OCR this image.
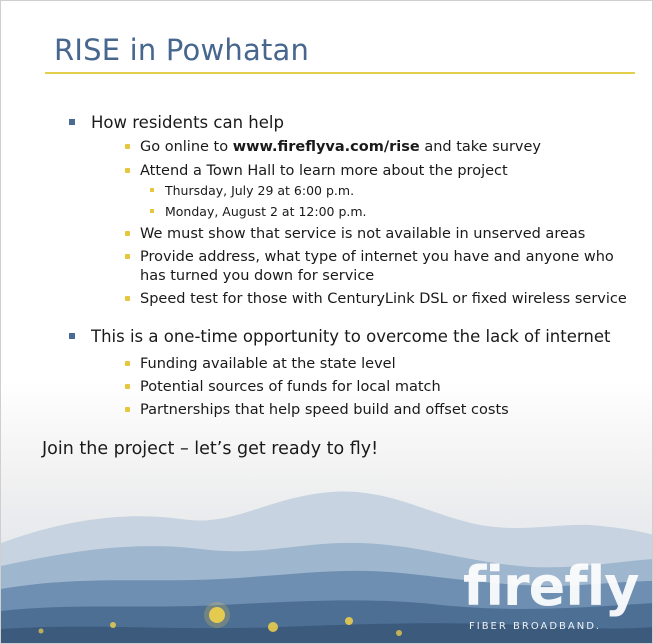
RISE in Powhatan
How residents can help
Go online to www.fireflyva.com/rise and take survey
Attend a Town Hall to learn more about the project
Thursday, July 29 at 6:00 p.m.
Monday, August 2 at 12:00 p.m.
We must show that service is not available in unserved areas
Provide address, what type of internet you have and anyone who
has turned you down for service
Speed test for those with CenturyLink DSL or fixed wireless service
This is a one-time opportunity to overcome the lack of internet
Funding available at the state level
Potential sources of funds for local match
Partnerships that help speed build and offset costs
Join the project – let’s get ready to fly!
firefly
FIBER BROADBAND.
